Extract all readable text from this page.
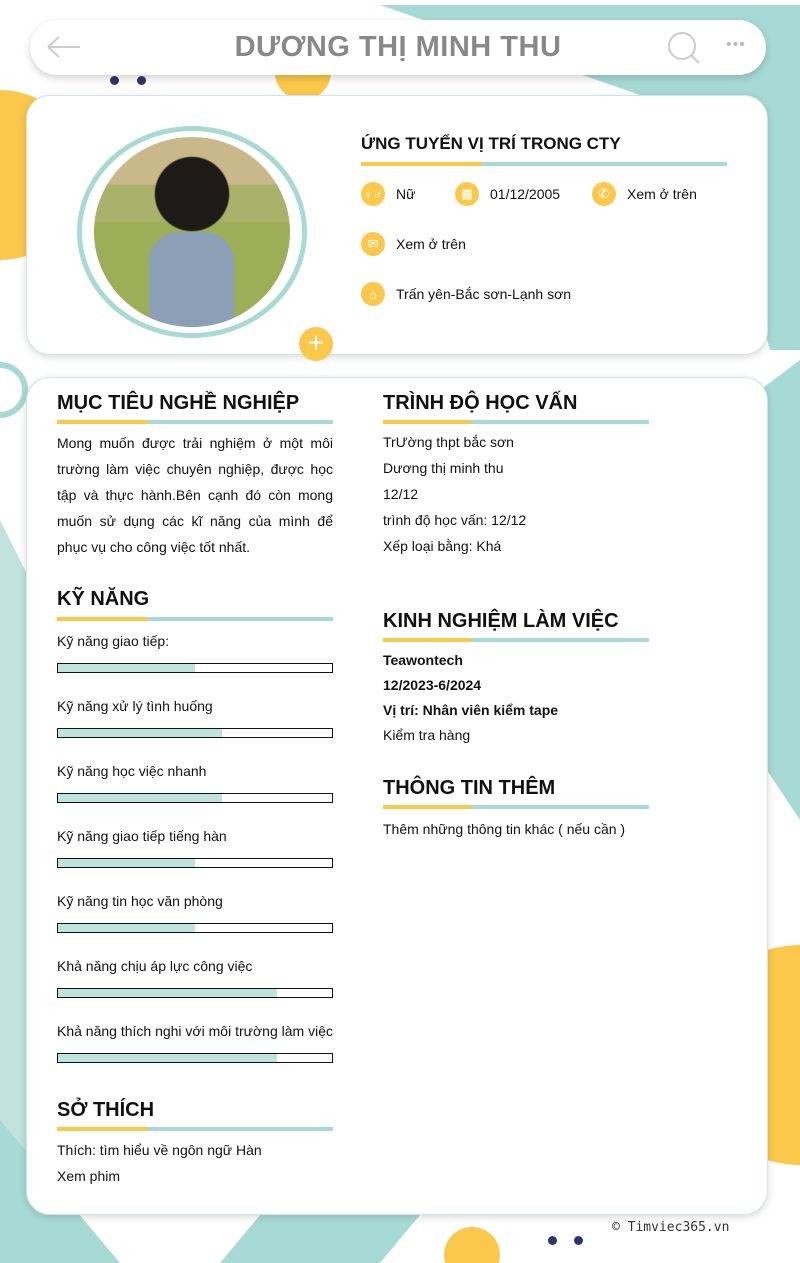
DƯƠNG THỊ MINH THU	•••
+
ỨNG TUYỂN VỊ TRÍ TRONG CTY
♀♂ Nữ	▦	01/12/2005	✆	Xem ở trên
✉	Xem ở trên
⌂	Trấn yên-Bắc sơn-Lạnh sơn
MỤC TIÊU NGHỀ NGHIỆP
Mong muốn được trải nghiệm ở một môi trường làm việc chuyên nghiệp, được học tập và thực hành.Bên cạnh đó còn mong muốn sử dụng các kĩ năng của mình để phục vụ cho công việc tốt nhất.
KỸ NĂNG
Kỹ năng giao tiếp:
Kỹ năng xử lý tình huống
Kỹ năng học việc nhanh
Kỹ năng giao tiếp tiếng hàn
Kỹ năng tin học văn phòng
Khả năng chịu áp lực công việc
Khả năng thích nghi với môi trường làm việc
SỞ THÍCH
Thích: tìm hiểu về ngôn ngữ Hàn
Xem phim
TRÌNH ĐỘ HỌC VẤN
TrƯờng thpt bắc sơn
Dương thị minh thu
12/12
trình độ học vấn: 12/12
Xếp loại bằng: Khá
KINH NGHIỆM LÀM VIỆC
Teawontech
12/2023-6/2024
Vị trí: Nhân viên kiểm tape
Kiểm tra hàng
THÔNG TIN THÊM
Thêm những thông tin khác ( nếu cần )
© Timviec365.vn
